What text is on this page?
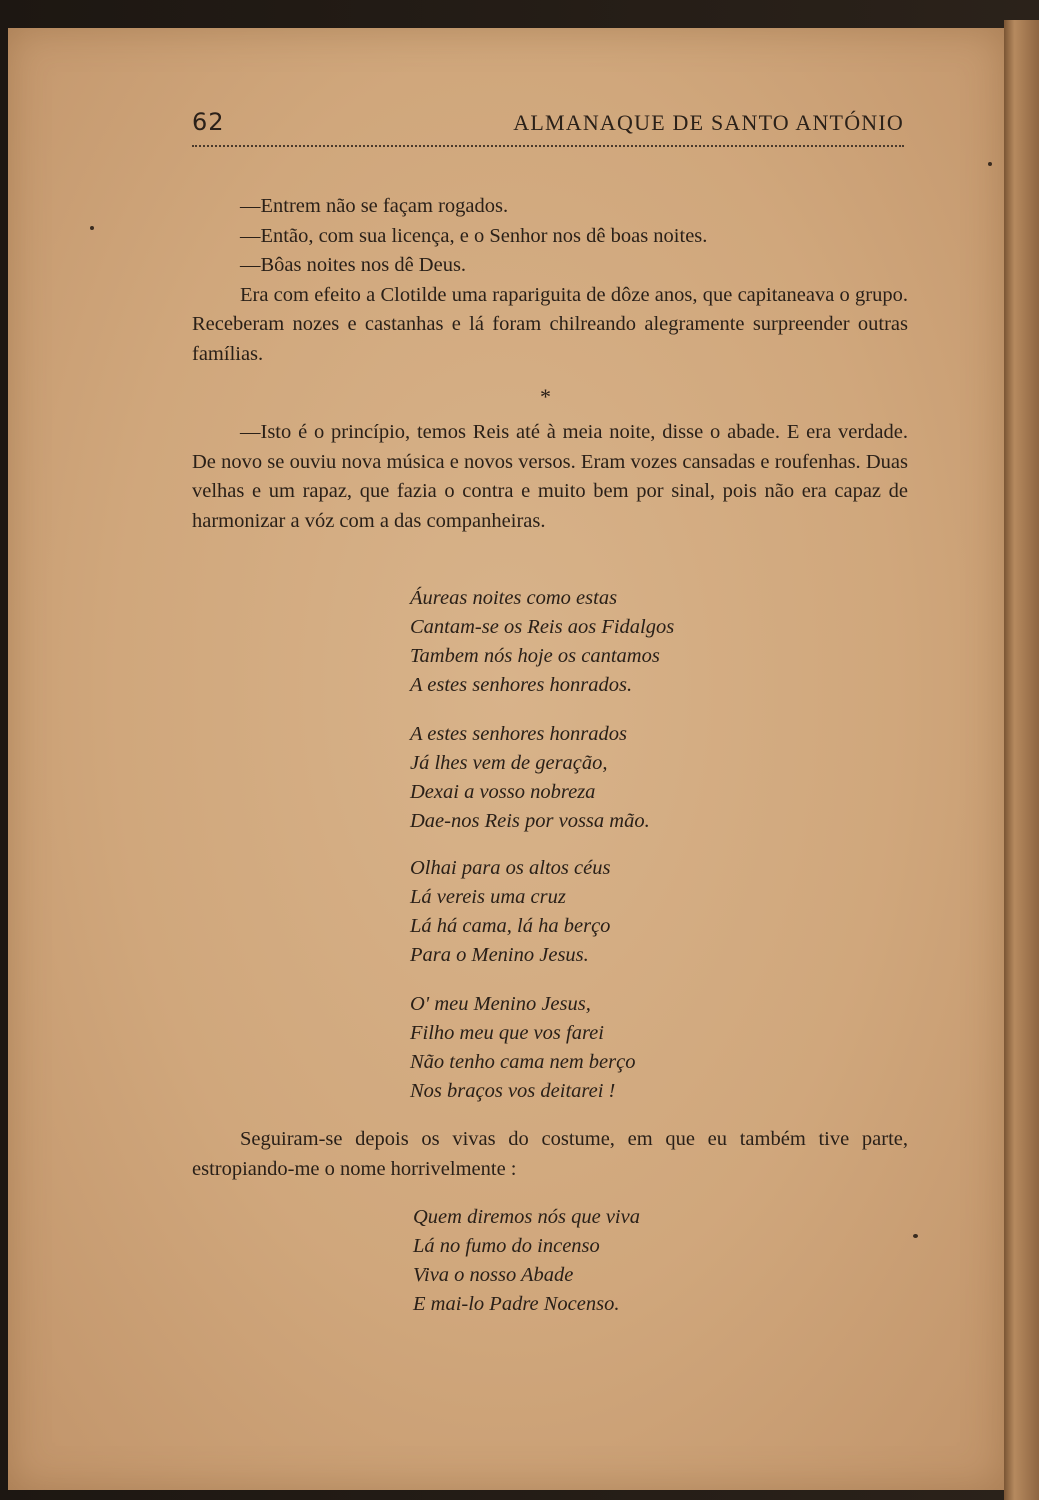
62	ALMANAQUE DE SANTO ANTÓNIO

—Entrem não se façam rogados.

—Então, com sua licença, e o Senhor nos dê boas noites.

—Bôas noites nos dê Deus.

Era com efeito a Clotilde uma rapariguita de dôze anos, que capitaneava o grupo. Receberam nozes e castanhas e lá foram chilreando alegramente surpreender outras famílias.

*

—Isto é o princípio, temos Reis até à meia noite, disse o abade. E era verdade. De novo se ouviu nova música e novos versos. Eram vozes cansadas e roufenhas. Duas velhas e um rapaz, que fazia o contra e muito bem por sinal, pois não era capaz de harmonizar a vóz com a das companheiras.

Áureas noites como estas
Cantam-se os Reis aos Fidalgos
Tambem nós hoje os cantamos
A estes senhores honrados.
A estes senhores honrados
Já lhes vem de geração,
Dexai a vosso nobreza
Dae-nos Reis por vossa mão.
Olhai para os altos céus
Lá vereis uma cruz
Lá há cama, lá ha berço
Para o Menino Jesus.
O' meu Menino Jesus,
Filho meu que vos farei
Não tenho cama nem berço
Nos braços vos deitarei !

Seguiram-se depois os vivas do costume, em que eu também tive parte, estropiando-me o nome horrivelmente :

Quem diremos nós que viva
Lá no fumo do incenso
Viva o nosso Abade
E mai-lo Padre Nocenso.
